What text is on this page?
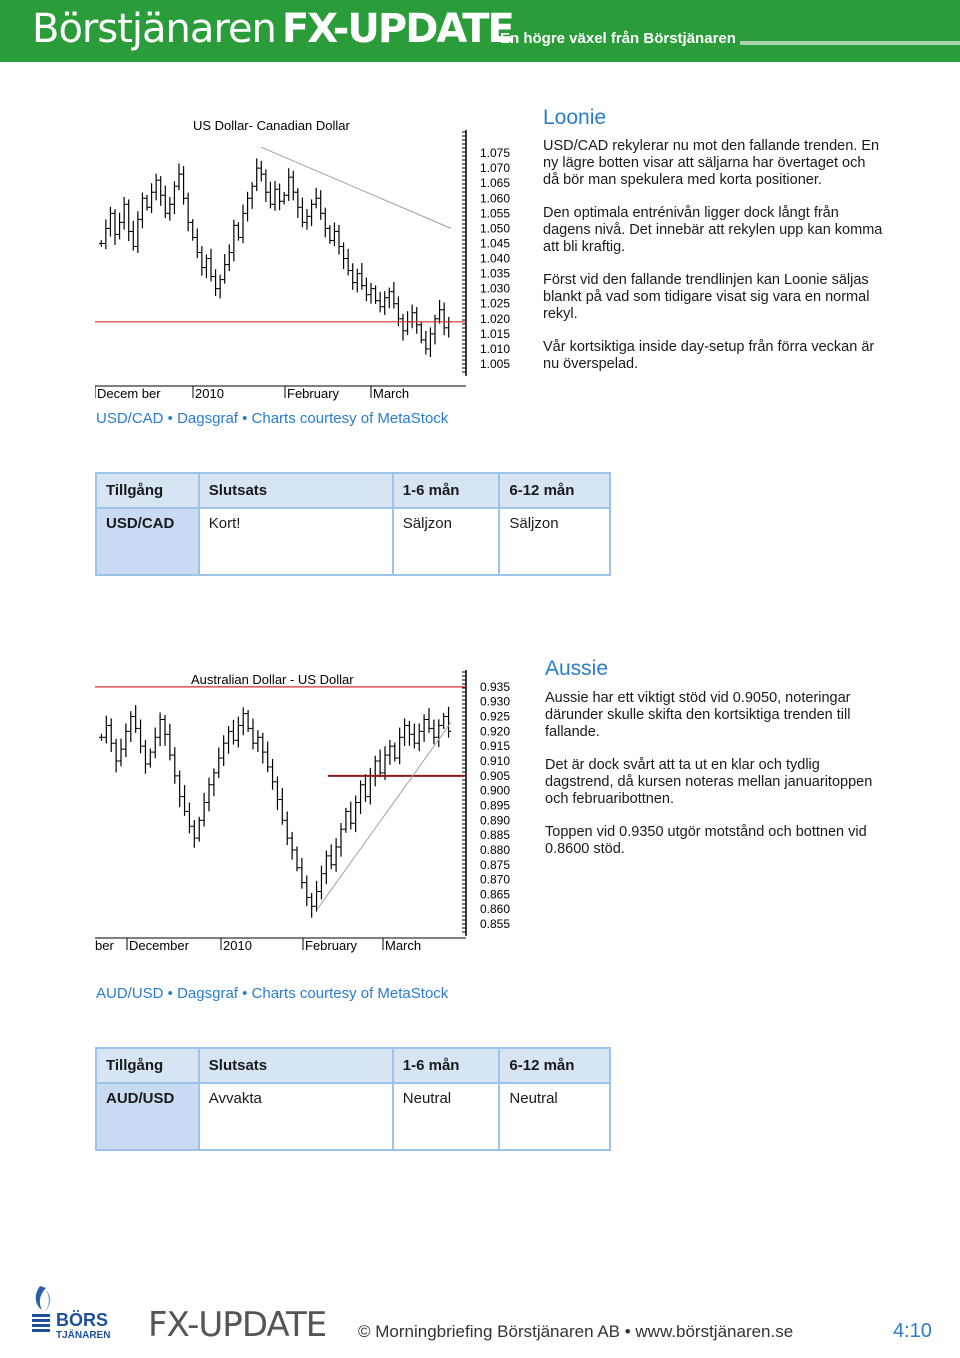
Börstjänaren FX-UPDATE
En högre växel från Börstjänaren
US Dollar- Canadian Dollar
Decem ber	2010	February	March
1.075
1.070
1.065
1.060
1.055
1.050
1.045
1.040
1.035
1.030
1.025
1.020
1.015
1.010
1.005
Loonie

USD/CAD rekylerar nu mot den fallande trenden. En ny lägre botten visar att säljarna har övertaget och då bör man spekulera med korta positioner.

Den optimala entrénivån ligger dock långt från dagens nivå. Det innebär att rekylen upp kan komma att bli kraftig.

Först vid den fallande trendlinjen kan Loonie säljas blankt på vad som tidigare visat sig vara en normal rekyl.

Vår kortsiktiga inside day-setup från förra veckan är nu överspelad.

USD/CAD • Dagsgraf • Charts courtesy of MetaStock
Tillgång	Slutsats	1-6 mån	6-12 mån
USD/CAD	Kort!	Säljzon	Säljzon
Australian Dollar - US Dollar
ber December	2010	February March
0.935
0.930
0.925
0.920
0.915
0.910
0.905
0.900
0.895
0.890
0.885
0.880
0.875
0.870
0.865
0.860
0.855
Aussie

Aussie har ett viktigt stöd vid 0.9050, noteringar därunder skulle skifta den kortsiktiga trenden till fallande.

Det är dock svårt att ta ut en klar och tydlig dagstrend, då kursen noteras mellan januaritoppen och februaribottnen.

Toppen vid 0.9350 utgör motstånd och bottnen vid 0.8600 stöd.

AUD/USD • Dagsgraf • Charts courtesy of MetaStock
Tillgång	Slutsats	1-6 mån	6-12 mån
AUD/USD	Avvakta	Neutral	Neutral
BÖRS
TJÄNAREN FX-UPDATE © Morningbriefing Börstjänaren AB • www.börstjänaren.se	4:10
